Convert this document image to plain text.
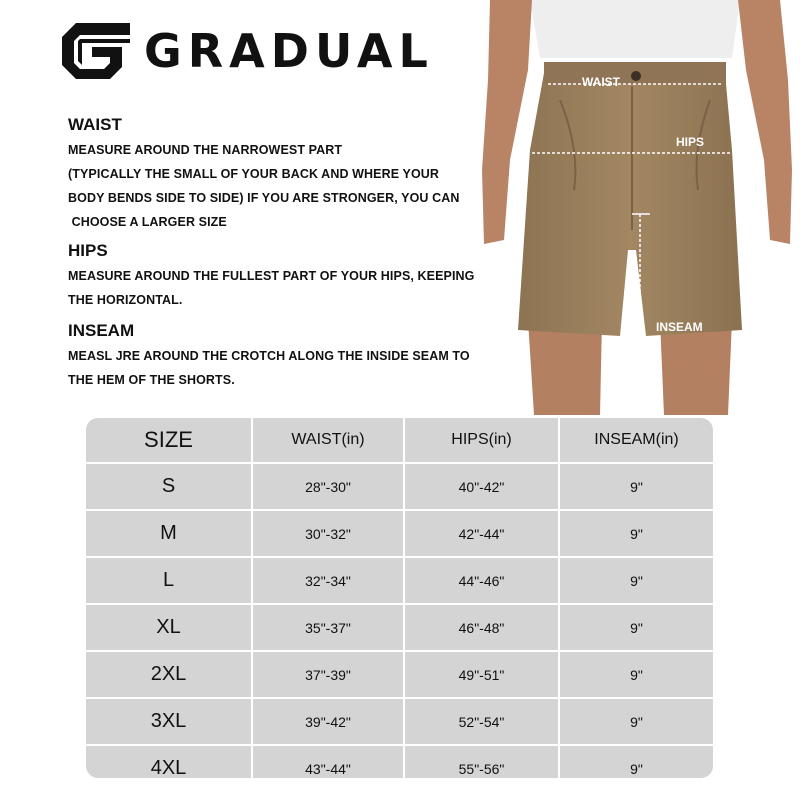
GRADUAL
WAIST
MEASURE AROUND THE NARROWEST PART
(TYPICALLY THE SMALL OF YOUR BACK AND WHERE YOUR
BODY BENDS SIDE TO SIDE) IF YOU ARE STRONGER, YOU CAN
CHOOSE A LARGER SIZE
HIPS
MEASURE AROUND THE FULLEST PART OF YOUR HIPS, KEEPING
THE HORIZONTAL.
INSEAM
MEASL JRE AROUND THE CROTCH ALONG THE INSIDE SEAM TO
THE HEM OF THE SHORTS.
WAIST
HIPS
INSEAM
SIZE	WAIST(in)	HIPS(in)	INSEAM(in)
S	28"-30"	40"-42"	9"
M	30"-32"	42"-44"	9"
L	32"-34"	44"-46"	9"
XL	35"-37"	46"-48"	9"
2XL	37"-39"	49"-51"	9"
3XL	39"-42"	52"-54"	9"
4XL	43"-44"	55"-56"	9"
